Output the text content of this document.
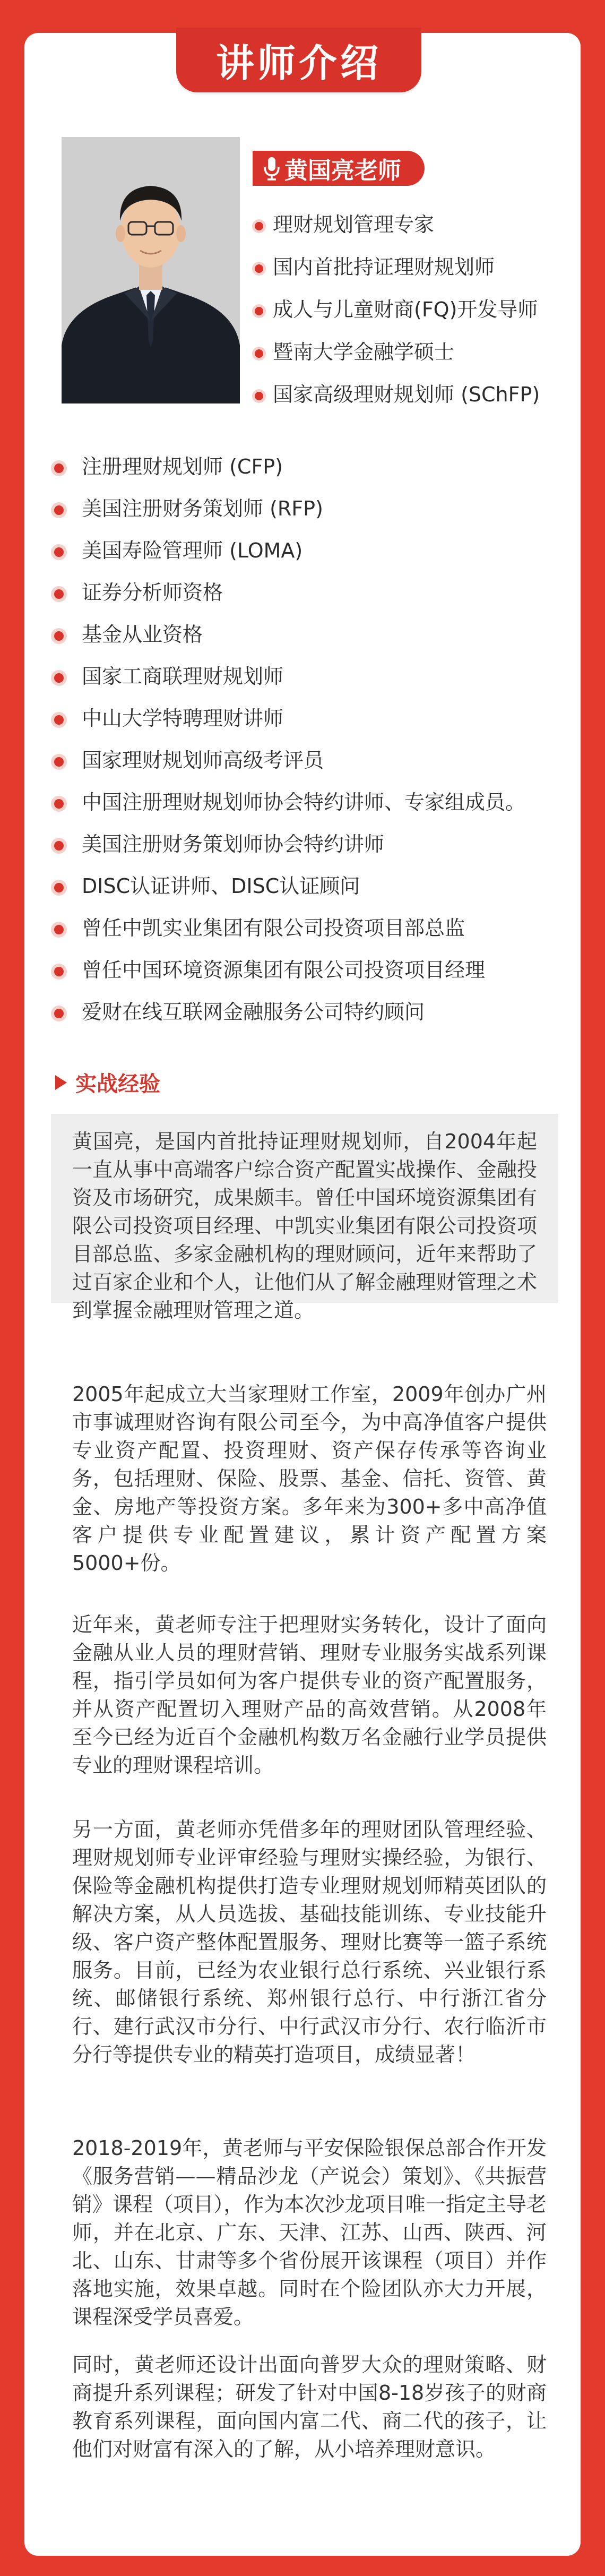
讲师介绍
黄国亮老师
理财规划管理专家
国内首批持证理财规划师
成人与儿童财商(FQ)开发导师
暨南大学金融学硕士
国家高级理财规划师 (SChFP)
注册理财规划师 (CFP)
美国注册财务策划师 (RFP)
美国寿险管理师 (LOMA)
证券分析师资格
基金从业资格
国家工商联理财规划师
中山大学特聘理财讲师
国家理财规划师高级考评员
中国注册理财规划师协会特约讲师、专家组成员。
美国注册财务策划师协会特约讲师
DISC认证讲师、DISC认证顾问
曾任中凯实业集团有限公司投资项目部总监
曾任中国环境资源集团有限公司投资项目经理
爱财在线互联网金融服务公司特约顾问
实战经验
黄国亮，是国内首批持证理财规划师，自2004年起一直从事中高端客户综合资产配置实战操作、金融投资及市场研究，成果颇丰。曾任中国环境资源集团有限公司投资项目经理、中凯实业集团有限公司投资项目部总监、多家金融机构的理财顾问，近年来帮助了过百家企业和个人，让他们从了解金融理财管理之术到掌握金融理财管理之道。

2005年起成立大当家理财工作室，2009年创办广州市事诚理财咨询有限公司至今，为中高净值客户提供专业资产配置、投资理财、资产保存传承等咨询业务，包括理财、保险、股票、基金、信托、资管、黄金、房地产等投资方案。多年来为300+多中高净值客户提供专业配置建议，累计资产配置方案5000+份。

近年来，黄老师专注于把理财实务转化，设计了面向金融从业人员的理财营销、理财专业服务实战系列课程，指引学员如何为客户提供专业的资产配置服务，并从资产配置切入理财产品的高效营销。从2008年至今已经为近百个金融机构数万名金融行业学员提供专业的理财课程培训。

另一方面，黄老师亦凭借多年的理财团队管理经验、理财规划师专业评审经验与理财实操经验，为银行、保险等金融机构提供打造专业理财规划师精英团队的解决方案，从人员选拔、基础技能训练、专业技能升级、客户资产整体配置服务、理财比赛等一篮子系统服务。目前，已经为农业银行总行系统、兴业银行系统、邮储银行系统、郑州银行总行、中行浙江省分行、建行武汉市分行、中行武汉市分行、农行临沂市分行等提供专业的精英打造项目，成绩显著！

2018-2019年，黄老师与平安保险银保总部合作开发《服务营销——精品沙龙（产说会）策划》、《共振营销》课程（项目），作为本次沙龙项目唯一指定主导老师，并在北京、广东、天津、江苏、山西、陕西、河北、山东、甘肃等多个省份展开该课程（项目）并作落地实施，效果卓越。同时在个险团队亦大力开展，课程深受学员喜爱。

同时，黄老师还设计出面向普罗大众的理财策略、财商提升系列课程；研发了针对中国8-18岁孩子的财商教育系列课程，面向国内富二代、商二代的孩子，让他们对财富有深入的了解，从小培养理财意识。
